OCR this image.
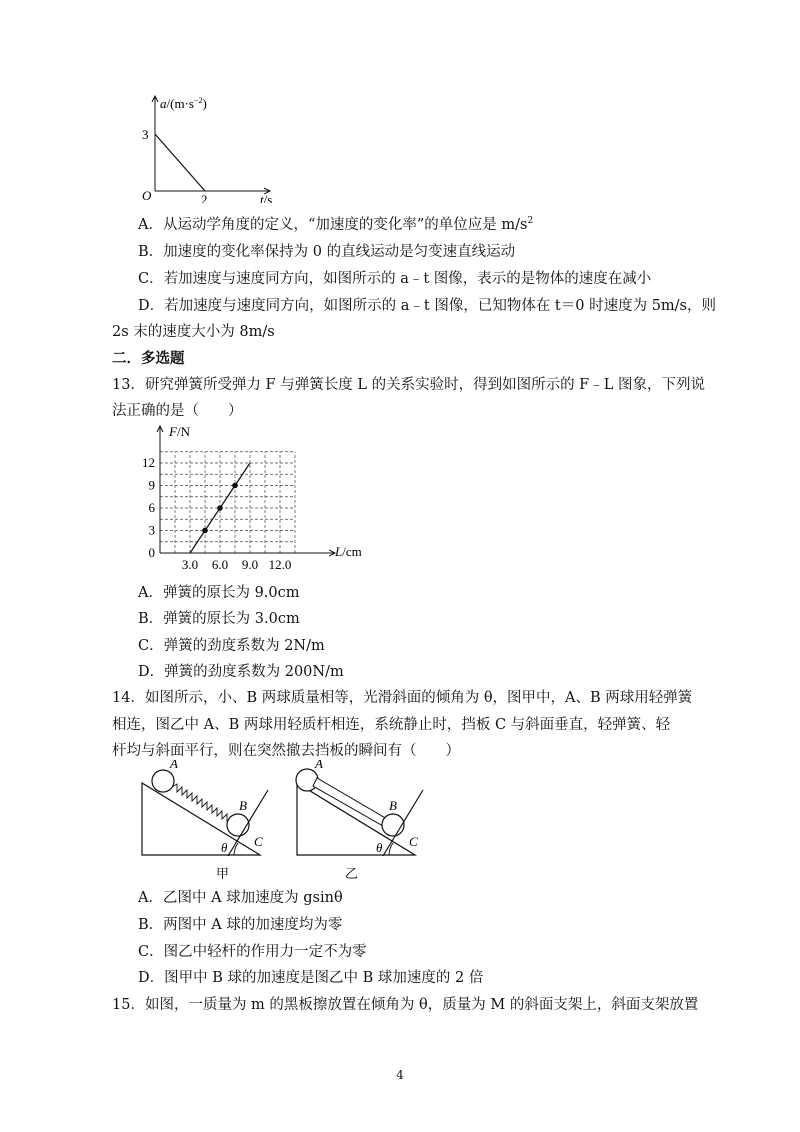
$a/(m\cdot s^{-2})$
3
O	2	t/s
A．从运动学角度的定义，“加速度的变化率”的单位应是 $m/s^2$
B．加速度的变化率保持为 0 的直线运动是匀变速直线运动
C．若加速度与速度同方向，如图所示的 a﹣t 图像，表示的是物体的速度在减小
D．若加速度与速度同方向，如图所示的 a﹣t 图像，已知物体在 t＝0 时速度为 5m/s，则
2s 末的速度大小为 8m/s
二．多选题
13．研究弹簧所受弹力 F 与弹簧长度 L 的关系实验时，得到如图所示的 F﹣L 图象，下列说
法正确的是（　　）
3.0 6.0 9.0 12.0
0
3
6
9
12
F/N
L/cm
A．弹簧的原长为 9.0cm
B．弹簧的原长为 3.0cm
C．弹簧的劲度系数为 2N/m
D．弹簧的劲度系数为 200N/m
14．如图所示，小、B 两球质量相等，光滑斜面的倾角为 θ，图甲中，A、B 两球用轻弹簧
相连，图乙中 A、B 两球用轻质杆相连，系统静止时，挡板 C 与斜面垂直，轻弹簧、轻
杆均与斜面平行，则在突然撤去挡板的瞬间有（　　）
A
B
C
θ
甲
A
B
C
θ
乙
A．乙图中 A 球加速度为 gsinθ
B．两图中 A 球的加速度均为零
C．图乙中轻杆的作用力一定不为零
D．图甲中 B 球的加速度是图乙中 B 球加速度的 2 倍
15．如图，一质量为 m 的黑板擦放置在倾角为 θ，质量为 M 的斜面支架上，斜面支架放置
4
